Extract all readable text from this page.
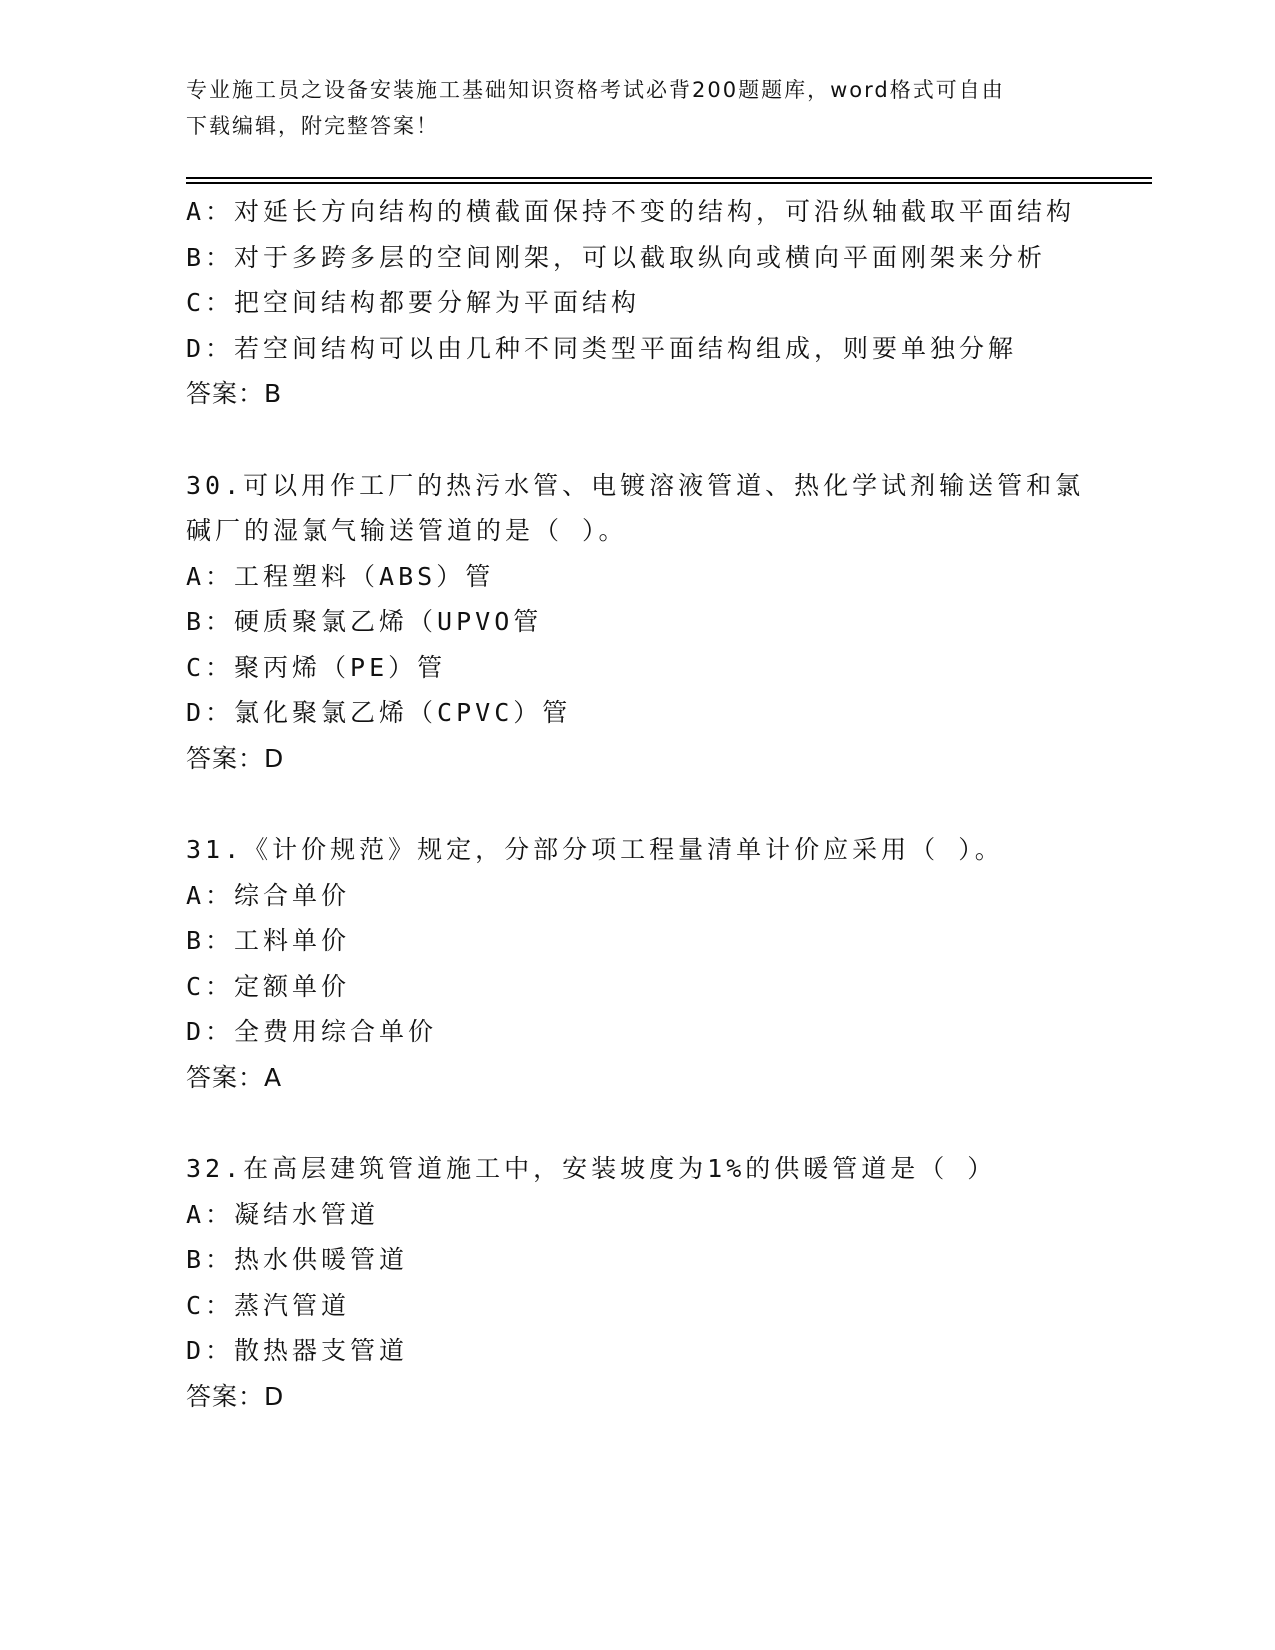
专业施工员之设备安装施工基础知识资格考试必背200题题库，word格式可自由
下载编辑，附完整答案！
A：对延长方向结构的横截面保持不变的结构，可沿纵轴截取平面结构
B：对于多跨多层的空间刚架，可以截取纵向或横向平面刚架来分析
C：把空间结构都要分解为平面结构
D：若空间结构可以由几种不同类型平面结构组成，则要单独分解
答案：B
30.可以用作工厂的热污水管、电镀溶液管道、热化学试剂输送管和氯
碱厂的湿氯气输送管道的是（ ）。
A：工程塑料（ABS）管
B：硬质聚氯乙烯（UPVO管
C：聚丙烯（PE）管
D：氯化聚氯乙烯（CPVC）管
答案：D
31.《计价规范》规定，分部分项工程量清单计价应采用（ ）。
A：综合单价
B：工料单价
C：定额单价
D：全费用综合单价
答案：A
32.在高层建筑管道施工中，安装坡度为1%的供暖管道是（ ）
A：凝结水管道
B：热水供暖管道
C：蒸汽管道
D：散热器支管道
答案：D
